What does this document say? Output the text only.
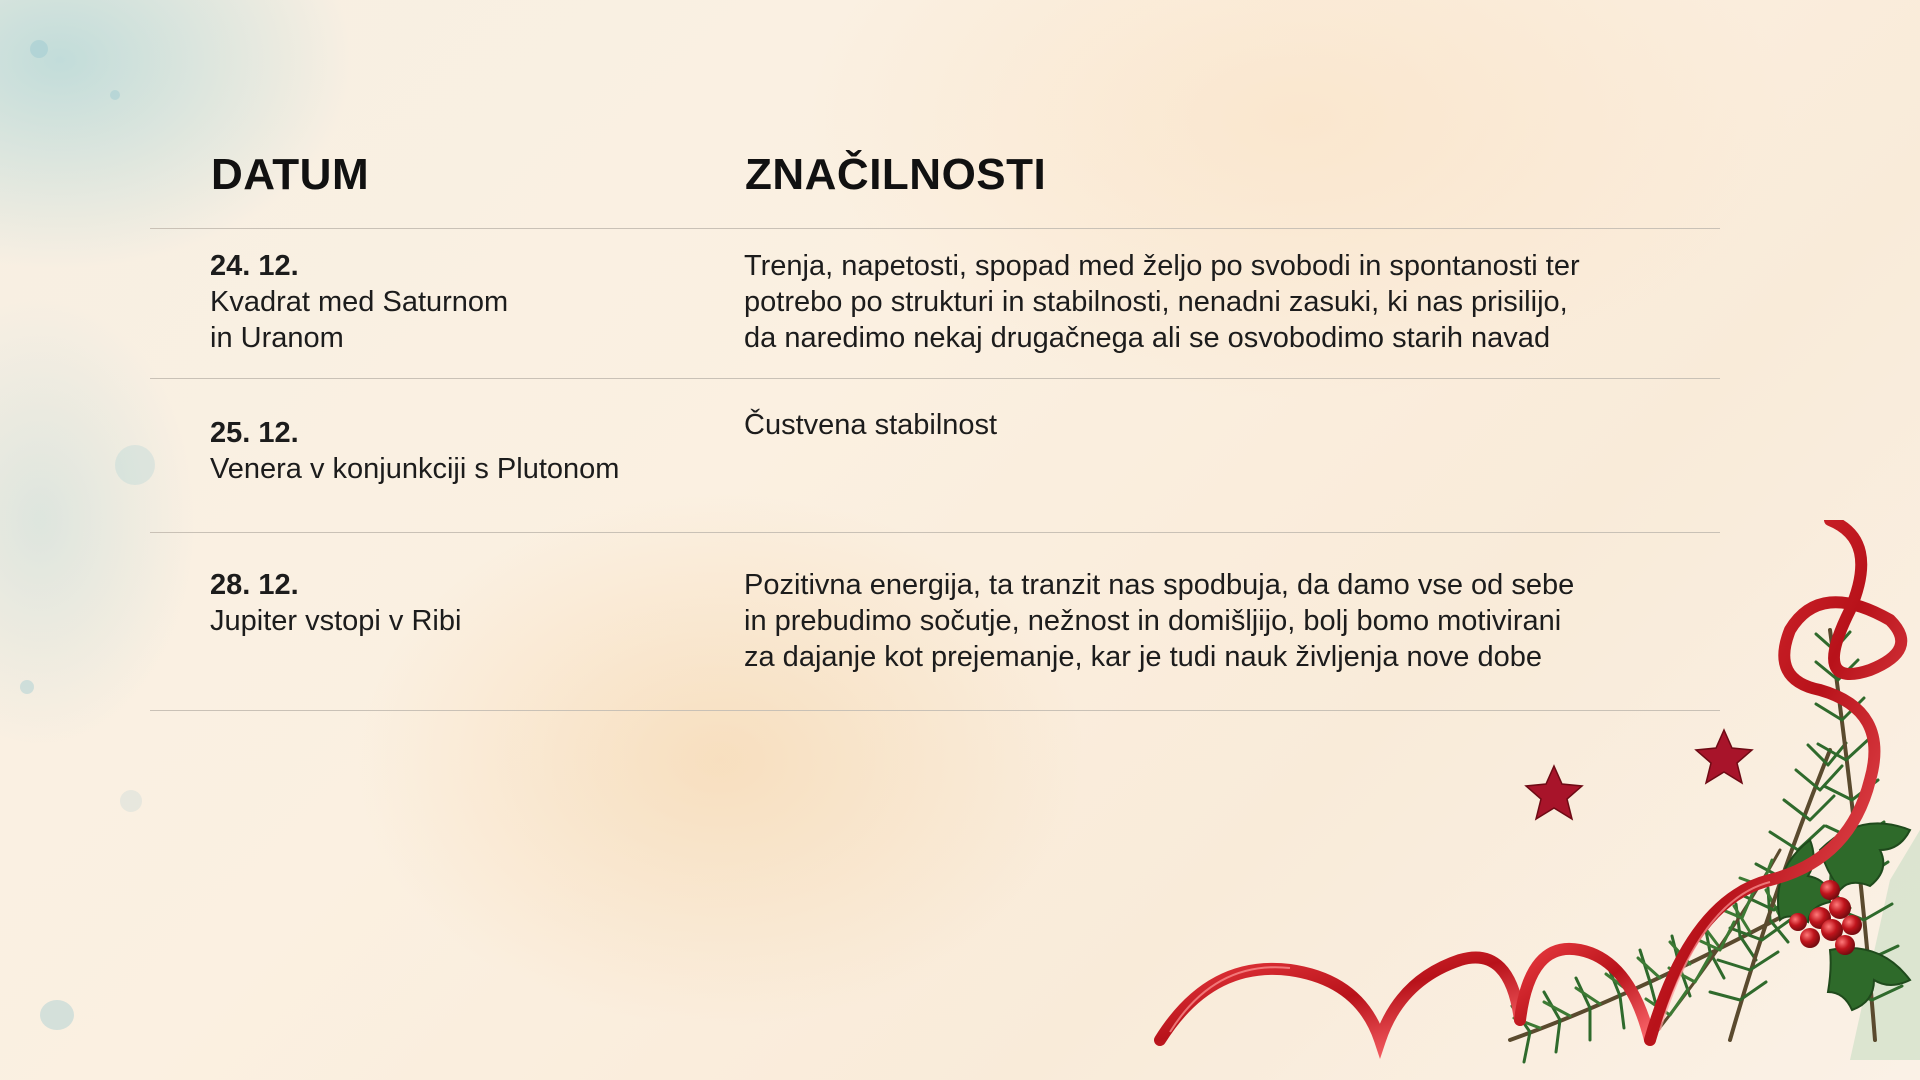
DATUM	ZNAČILNOSTI
24. 12.
Kvadrat med Saturnom
in Uranom
Trenja, napetosti, spopad med željo po svobodi in spontanosti ter
potrebo po strukturi in stabilnosti, nenadni zasuki, ki nas prisilijo,
da naredimo nekaj drugačnega ali se osvobodimo starih navad
25. 12.
Venera v konjunkciji s Plutonom
Čustvena stabilnost
28. 12.
Jupiter vstopi v Ribi
Pozitivna energija, ta tranzit nas spodbuja, da damo vse od sebe
in prebudimo sočutje, nežnost in domišljijo, bolj bomo motivirani
za dajanje kot prejemanje, kar je tudi nauk življenja nove dobe
